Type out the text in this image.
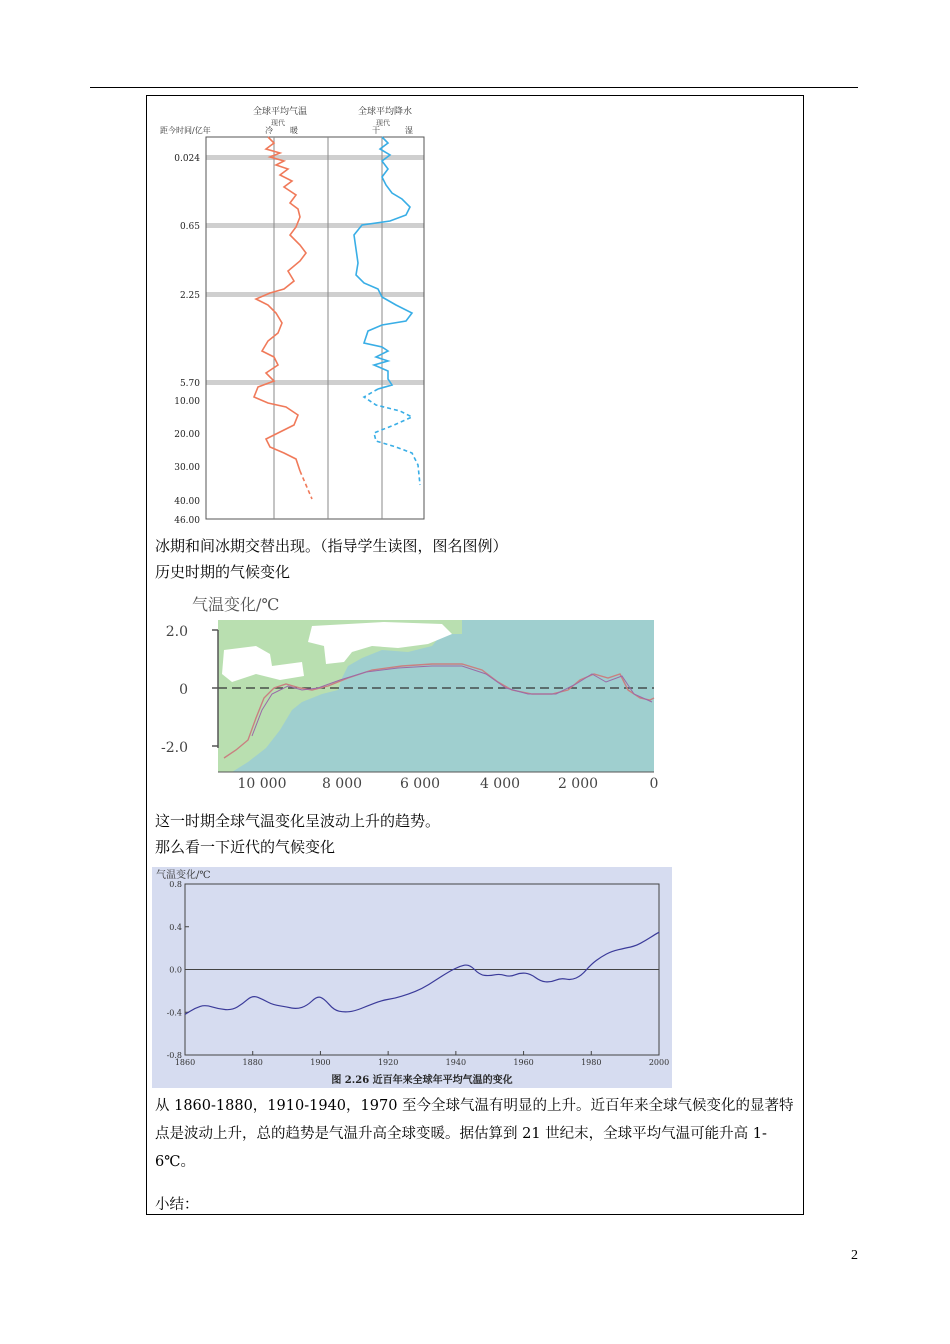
全球平均气温
现代
全球平均降水
现代
距今时间/亿年	冷 暖	干	湿
0.024
0.65
2.25
5.70
10.00
20.00
30.00
40.00
46.00
冰期和间冰期交替出现。（指导学生读图，图名图例）
历史时期的气候变化
气温变化/℃
2.0
0
-2.0
10 000	8 000	6 000	4 000	2 000	0
这一时期全球气温变化呈波动上升的趋势。
那么看一下近代的气候变化
气温变化/℃
1860	1880	1900	1920	1940	1960	1980	2000
0.8
0.4
0.0
-0.4
-0.8
图 2.26 近百年来全球年平均气温的变化
从 1860-1880，1910-1940，1970 至今全球气温有明显的上升。近百年来全球气候变化的显著特点是波动上升，总的趋势是气温升高全球变暖。据估算到 21 世纪末，全球平均气温可能升高 1-6℃。
小结：
2
